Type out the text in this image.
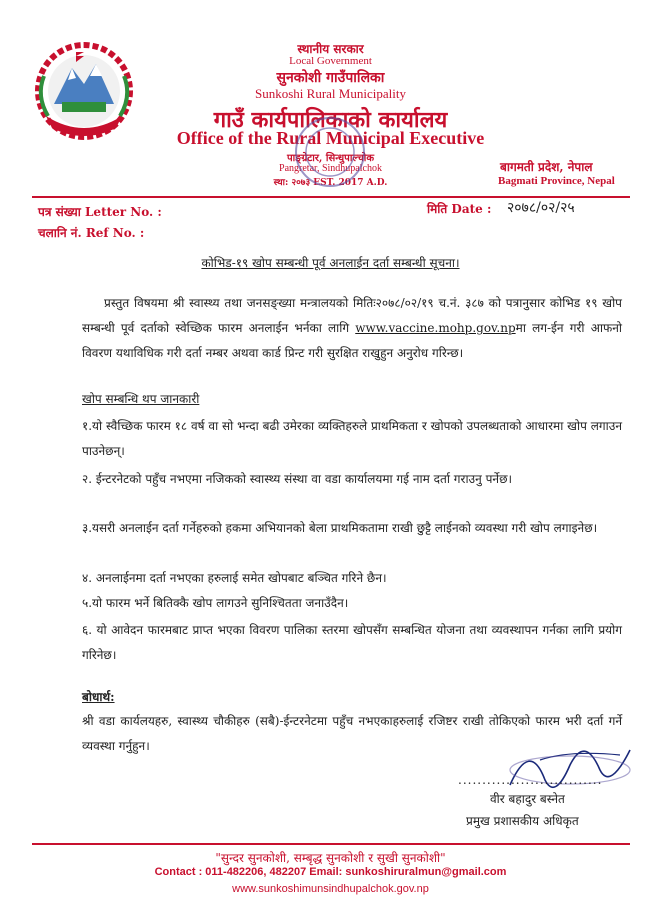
स्थानीय सरकार
Local Government
सुनकोशी गाउँपालिका
Sunkoshi Rural Municipality
गाउँ कार्यपालिकाको कार्यालय
Office of the Rural Municipal Executive
पाङ्ग्रेटार, सिन्धुपाल्चोक
Pangretar, Sindhupalchok
स्था: २०७३ EST. 2017 A.D.
बागमती प्रदेश, नेपाल
Bagmati Province, Nepal
पत्र संख्या Letter No. :
चलानि नं. Ref No. :
मिति Date : २०७८/०२/२५
कोभिड-१९ खोप सम्बन्धी पूर्व अनलाईन दर्ता सम्बन्धी सूचना।
प्रस्तुत विषयमा श्री स्वास्थ्य तथा जनसङ्ख्या मन्त्रालयको मितिः२०७८/०२/१९ च.नं. ३८७ को पत्रानुसार कोभिड १९ खोप सम्बन्धी पूर्व दर्ताको स्वेच्छिक फारम अनलाईन भर्नका लागि www.vaccine.mohp.gov.npमा लग-ईन गरी आफनो विवरण यथाविधिक गरी दर्ता नम्बर अथवा कार्ड प्रिन्ट गरी सुरक्षित राखुहुन अनुरोध गरिन्छ।
खोप सम्बन्धि थप जानकारी
१.यो स्वैच्छिक फारम १८ वर्ष वा सो भन्दा बढी उमेरका व्यक्तिहरुले प्राथमिकता र खोपको उपलब्धताको आधारमा खोप लगाउन पाउनेछन्।
२. ईन्टरनेटको पहुँच नभएमा नजिकको स्वास्थ्य संस्था वा वडा कार्यालयमा गई नाम दर्ता गराउनु पर्नेछ।
३.यसरी अनलाईन दर्ता गर्नेहरुको हकमा अभियानको बेला प्राथमिकतामा राखी छुट्टै लाईनको व्यवस्था गरी खोप लगाइनेछ।
४. अनलाईनमा दर्ता नभएका हरुलाई समेत खोपबाट बञ्चित गरिने छैन।
५.यो फारम भर्ने बितिक्कै खोप लागउने सुनिश्चितता जनाउँदैन।
६. यो आवेदन फारमबाट प्राप्त भएका विवरण पालिका स्तरमा खोपसँग सम्बन्धित योजना तथा व्यवस्थापन गर्नका लागि प्रयोग गरिनेछ।
बोधार्थ:
श्री वडा कार्यलयहरु, स्वास्थ्य चौकीहरु (सबै)-ईन्टरनेटमा पहुँच नभएकाहरुलाई रजिष्टर राखी तोकिएको फारम भरी दर्ता गर्ने व्यवस्था गर्नुहुन।
..............................
वीर बहादुर बस्नेत
प्रमुख प्रशासकीय अधिकृत
"सुन्दर सुनकोशी, सम्बृद्ध सुनकोशी र सुखी सुनकोशी"
Contact : 011-482206, 482207 Email: sunkoshiruralmun@gmail.com
www.sunkoshimunsindhupalchok.gov.np
